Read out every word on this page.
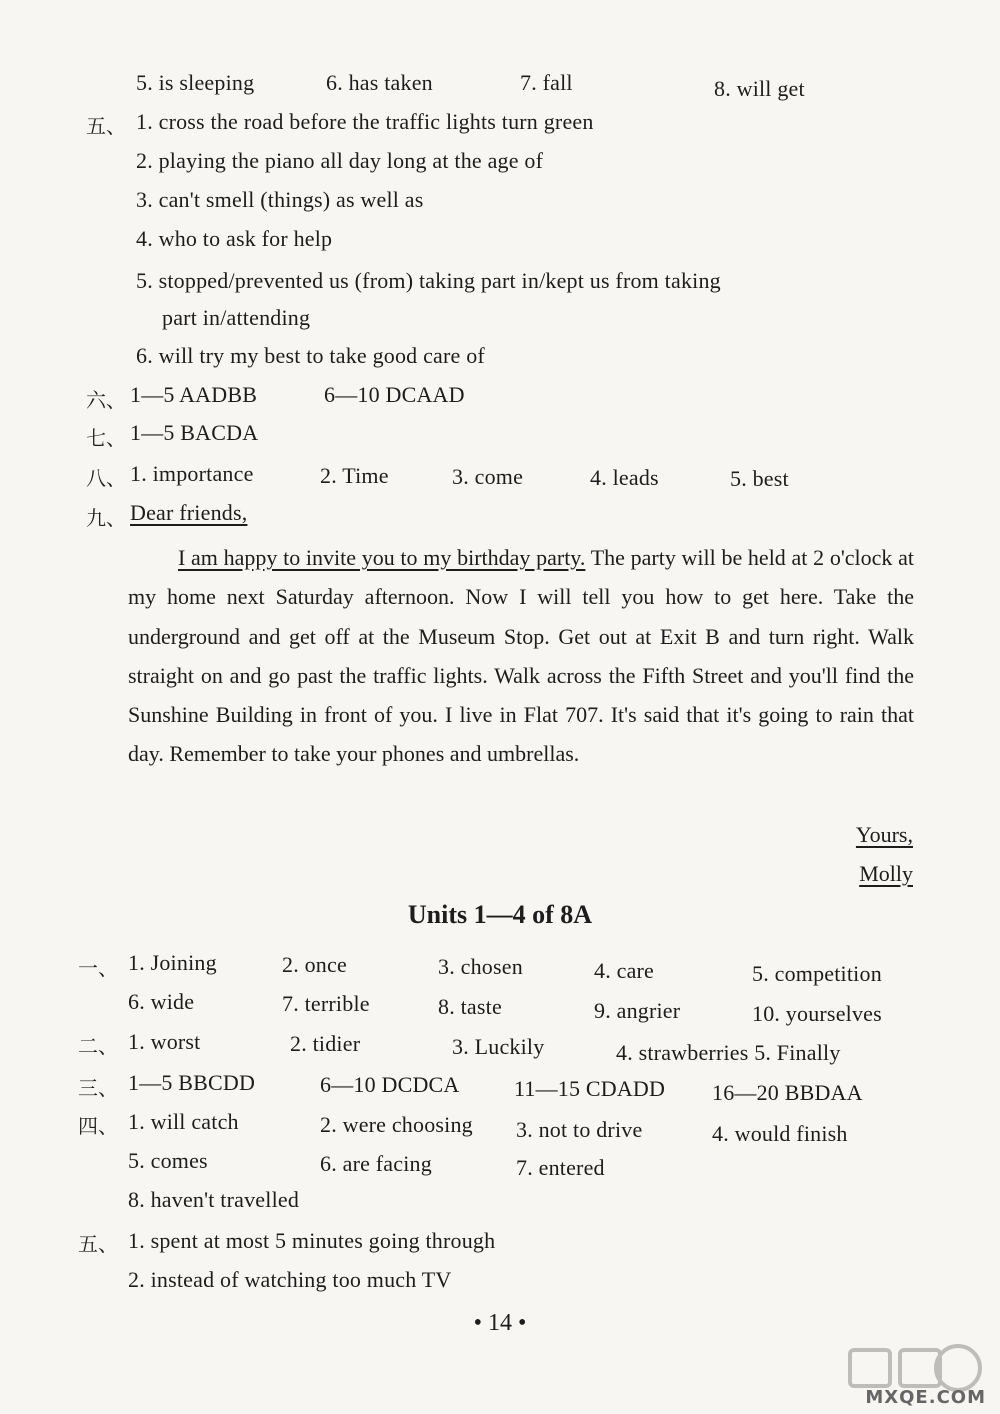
5. is sleeping	6. has taken	7. fall	8. will get
五、 1. cross the road before the traffic lights turn green
2. playing the piano all day long at the age of
3. can't smell (things) as well as
4. who to ask for help
5. stopped/prevented us (from) taking part in/kept us from taking
part in/attending
6. will try my best to take good care of
六、 1—5 AADBB	6—10 DCAAD
七、 1—5 BACDA
八、 1. importance	2. Time	3. come	4. leads	5. best
九、 Dear friends,
I am happy to invite you to my birthday party. The party will be held at 2 o'clock at my home next Saturday afternoon. Now I will tell you how to get here. Take the underground and get off at the Museum Stop. Get out at Exit B and turn right. Walk straight on and go past the traffic lights. Walk across the Fifth Street and you'll find the Sunshine Building in front of you. I live in Flat 707. It's said that it's going to rain that day. Remember to take your phones and umbrellas.
Yours,
Molly
Units 1—4 of 8A
一、 1. Joining	2. once	3. chosen	4. care	5. competition
6. wide	7. terrible	8. taste	9. angrier	10. yourselves
二、 1. worst	2. tidier	3. Luckily	4. strawberries 5. Finally
三、 1—5 BBCDD	6—10 DCDCA 11—15 CDADD 16—20 BBDAA
四、 1. will catch	2. were choosing 3. not to drive	4. would finish
5. comes	6. are facing	7. entered
8. haven't travelled
五、 1. spent at most 5 minutes going through
2. instead of watching too much TV
• 14 •
MXQE.COM
